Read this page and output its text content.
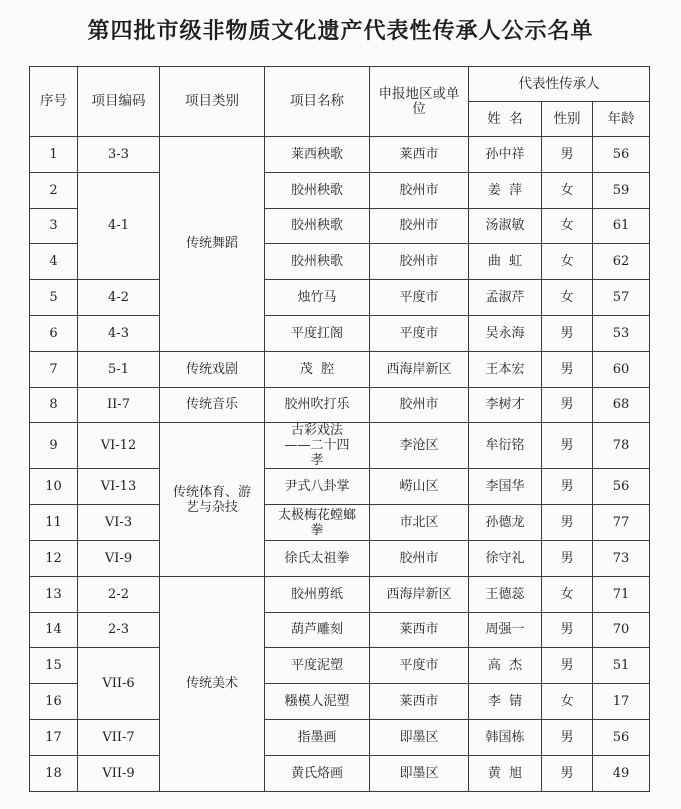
第四批市级非物质文化遗产代表性传承人公示名单
序号	项目编码	项目类别	项目名称	申报地区或单位	代表性传承人		
					姓  名	性别	年龄
1	3-3	传统舞蹈	莱西秧歌	莱西市	孙中祥	男	56
2	4-1		胶州秧歌	胶州市	姜  萍	女	59
3			胶州秧歌	胶州市	汤淑敏	女	61
4			胶州秧歌	胶州市	曲  虹	女	62
5	4-2		烛竹马	平度市	孟淑芹	女	57
6	4-3		平度扛阁	平度市	吴永海	男	53
7	5-1	传统戏剧	茂  腔	西海岸新区	王本宏	男	60
8	II-7	传统音乐	胶州吹打乐	胶州市	李树才	男	68
9	VI-12	传统体育、游艺与杂技	古彩戏法——二十四孝	李沧区	牟衍铭	男	78
10	VI-13		尹式八卦掌	崂山区	李国华	男	56
11	VI-3		太极梅花螳螂拳	市北区	孙德龙	男	77
12	VI-9		徐氏太祖拳	胶州市	徐守礼	男	73
13	2-2	传统美术	胶州剪纸	西海岸新区	王德蕊	女	71
14	2-3		葫芦雕刻	莱西市	周强一	男	70
15	VII-6		平度泥塑	平度市	高  杰	男	51
16			糨模人泥塑	莱西市	李  锖	女	17
17	VII-7		指墨画	即墨区	韩国栋	男	56
18	VII-9		黄氏烙画	即墨区	黄  旭	男	49
